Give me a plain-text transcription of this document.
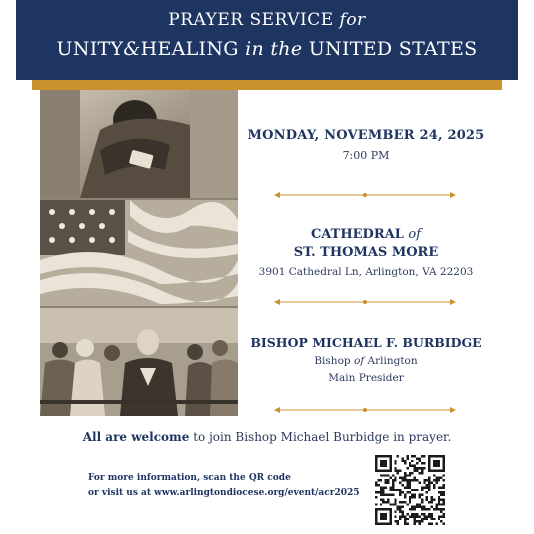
PRAYER SERVICE for
UNITY&HEALING in the UNITED STATES
MONDAY, NOVEMBER 24, 2025
7:00 PM
CATHEDRAL of
ST. THOMAS MORE
3901 Cathedral Ln, Arlington, VA 22203
BISHOP MICHAEL F. BURBIDGE
Bishop of Arlington
Main Presider
All are welcome to join Bishop Michael Burbidge in prayer.
For more information, scan the QR code
or visit us at www.arlingtondiocese.org/event/acr2025
